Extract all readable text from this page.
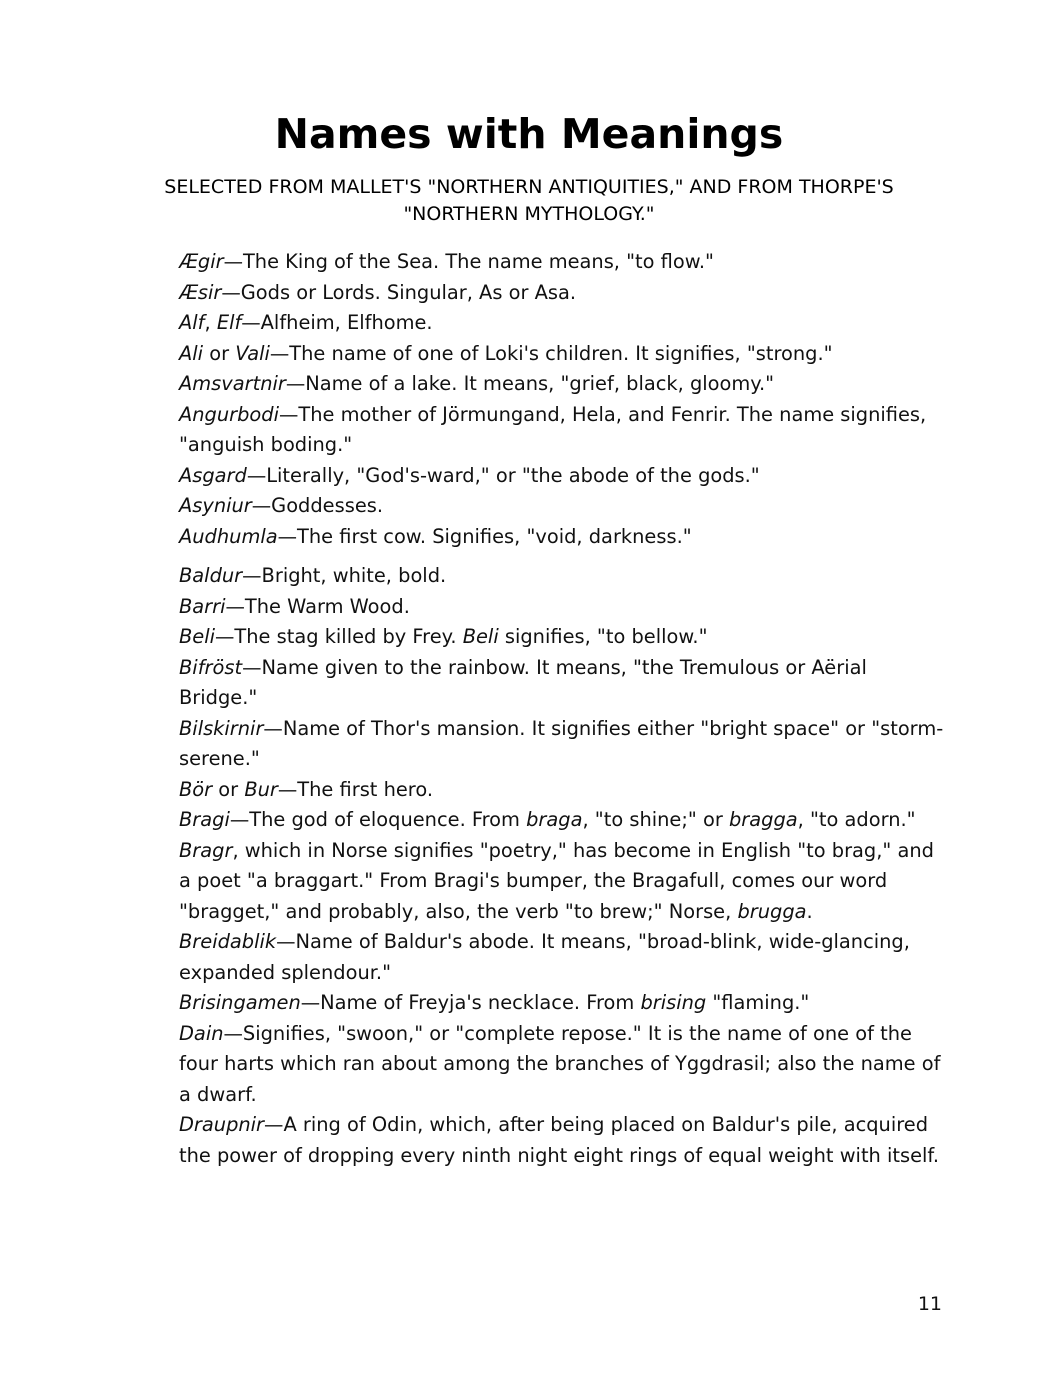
Names with Meanings

SELECTED FROM MALLET'S "NORTHERN ANTIQUITIES," AND FROM THORPE'S "NORTHERN MYTHOLOGY."

Ægir—The King of the Sea. The name means, "to flow."

Æsir—Gods or Lords. Singular, As or Asa.

Alf, Elf—Alfheim, Elfhome.

Ali or Vali—The name of one of Loki's children. It signifies, "strong."

Amsvartnir—Name of a lake. It means, "grief, black, gloomy."

Angurbodi—The mother of Jörmungand, Hela, and Fenrir. The name signifies, "anguish boding."

Asgard—Literally, "God's-ward," or "the abode of the gods."

Asyniur—Goddesses.

Audhumla—The first cow. Signifies, "void, darkness."

Baldur—Bright, white, bold.

Barri—The Warm Wood.

Beli—The stag killed by Frey. Beli signifies, "to bellow."

Bifröst—Name given to the rainbow. It means, "the Tremulous or Aërial Bridge."

Bilskirnir—Name of Thor's mansion. It signifies either "bright space" or "storm-serene."

Bör or Bur—The first hero.

Bragi—The god of eloquence. From braga, "to shine;" or bragga, "to adorn." Bragr, which in Norse signifies "poetry," has become in English "to brag," and a poet "a braggart." From Bragi's bumper, the Bragafull, comes our word "bragget," and probably, also, the verb "to brew;" Norse, brugga.

Breidablik—Name of Baldur's abode. It means, "broad-blink, wide-glancing, expanded splendour."

Brisingamen—Name of Freyja's necklace. From brising "flaming."

Dain—Signifies, "swoon," or "complete repose." It is the name of one of the four harts which ran about among the branches of Yggdrasil; also the name of a dwarf.

Draupnir—A ring of Odin, which, after being placed on Baldur's pile, acquired the power of dropping every ninth night eight rings of equal weight with itself.

11
